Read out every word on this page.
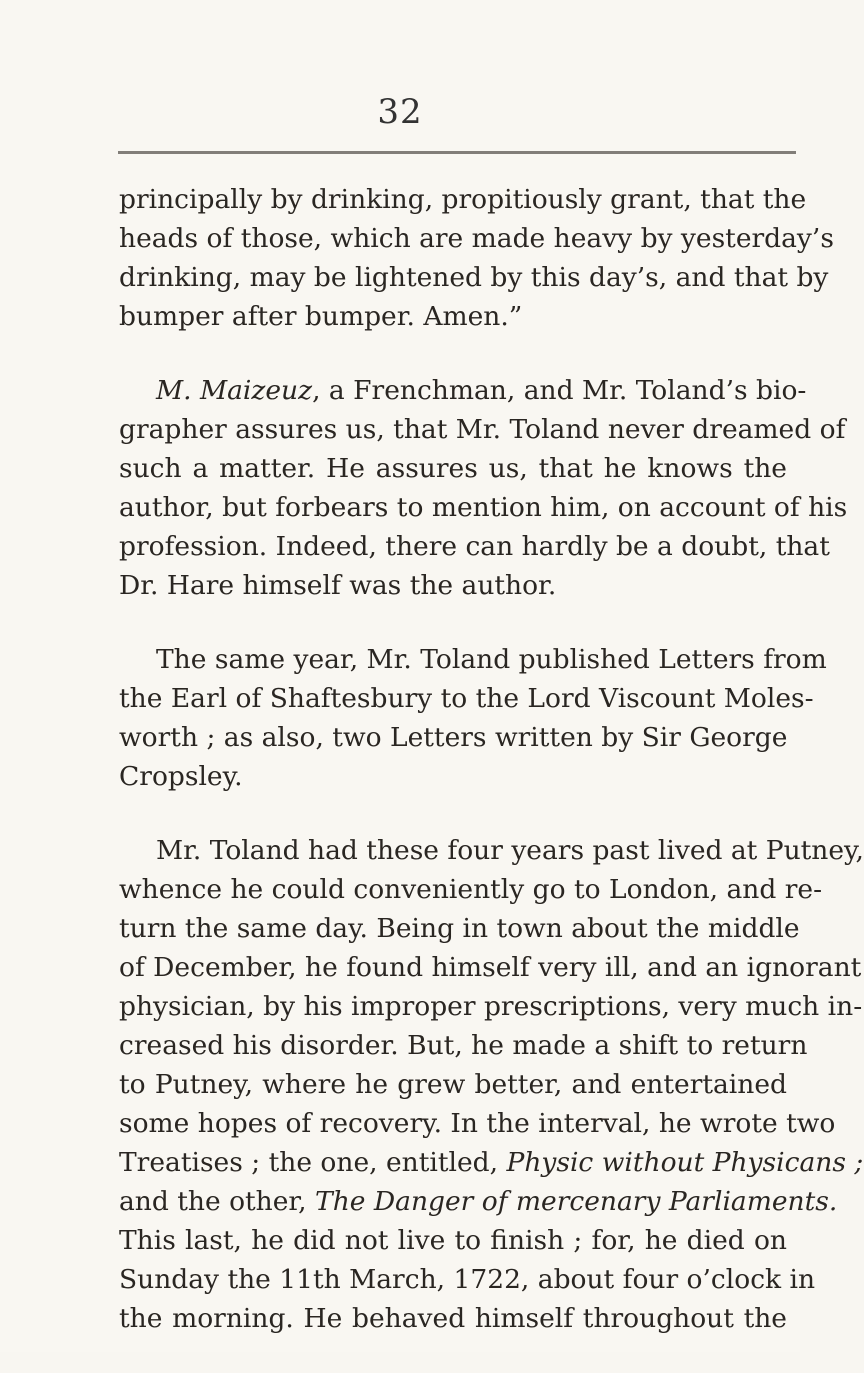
32

principally by drinking, propitiously grant, that the
heads of those, which are made heavy by yesterday’s
drinking, may be lightened by this day’s, and that by
bumper after bumper. Amen.”

M. Maizeuz, a Frenchman, and Mr. Toland’s bio-
grapher assures us, that Mr. Toland never dreamed of
such a matter. He assures us, that he knows the
author, but forbears to mention him, on account of his
profession. Indeed, there can hardly be a doubt, that
Dr. Hare himself was the author.

The same year, Mr. Toland published Letters from
the Earl of Shaftesbury to the Lord Viscount Moles-
worth ; as also, two Letters written by Sir George
Cropsley.

Mr. Toland had these four years past lived at Putney,
whence he could conveniently go to London, and re-
turn the same day. Being in town about the middle
of December, he found himself very ill, and an ignorant
physician, by his improper prescriptions, very much in-
creased his disorder. But, he made a shift to return
to Putney, where he grew better, and entertained
some hopes of recovery. In the interval, he wrote two
Treatises ; the one, entitled, Physic without Physicans ;
and the other, The Danger of mercenary Parliaments.
This last, he did not live to finish ; for, he died on
Sunday the 11th March, 1722, about four o’clock in
the morning. He behaved himself throughout the
